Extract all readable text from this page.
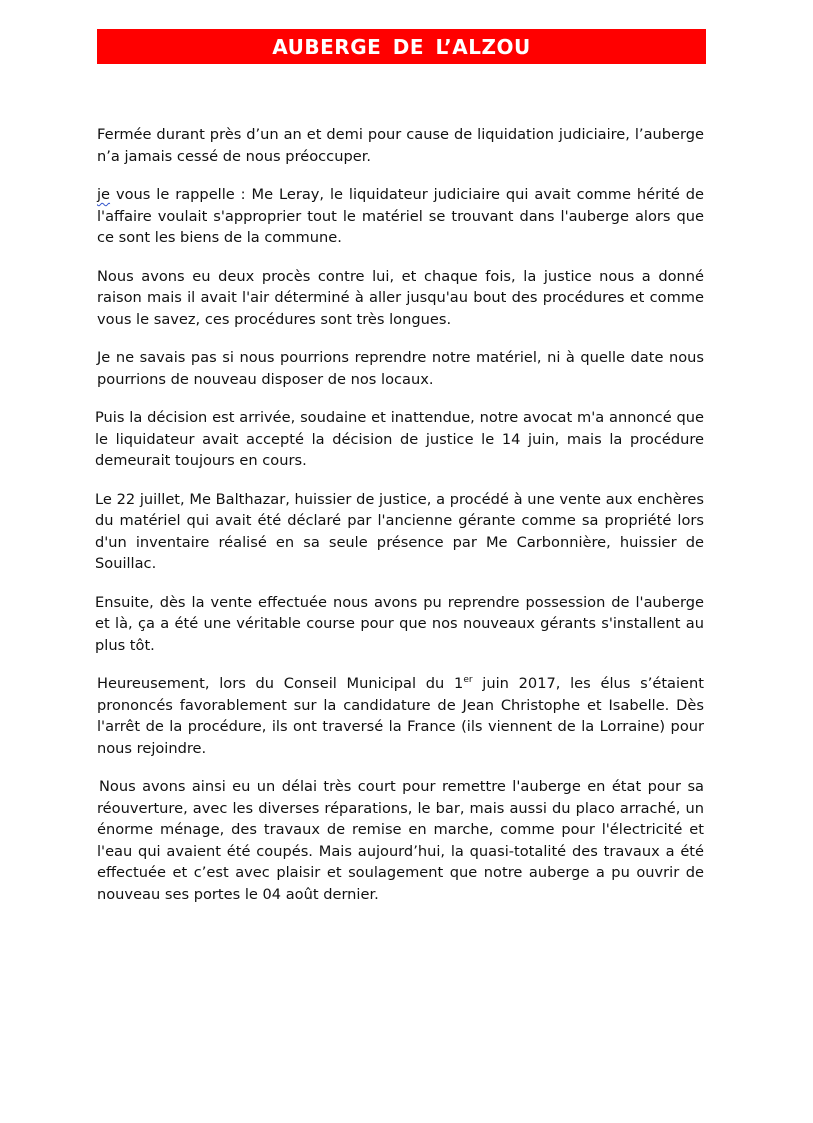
AUBERGE DE L’ALZOU

Fermée durant près d’un an et demi pour cause de liquidation judiciaire, l’auberge n’a jamais cessé de nous préoccuper.

je vous le rappelle : Me Leray, le liquidateur judiciaire qui avait comme hérité de l'affaire voulait s'approprier tout le matériel se trouvant dans l'auberge alors que ce sont les biens de la commune.

Nous avons eu deux procès contre lui, et chaque fois, la justice nous a donné raison mais il avait l'air déterminé à aller jusqu'au bout des procédures et comme vous le savez, ces procédures sont très longues.

Je ne savais pas si nous pourrions reprendre notre matériel, ni à quelle date nous pourrions de nouveau disposer de nos locaux.

Puis la décision est arrivée, soudaine et inattendue, notre avocat m'a annoncé que le liquidateur avait accepté la décision de justice le 14 juin, mais la procédure demeurait toujours en cours.

Le 22 juillet, Me Balthazar, huissier de justice, a procédé à une vente aux enchères du matériel qui avait été déclaré par l'ancienne gérante comme sa propriété lors d'un inventaire réalisé en sa seule présence par Me Carbonnière, huissier de Souillac.

Ensuite, dès la vente effectuée nous avons pu reprendre possession de l'auberge et là, ça a été une véritable course pour que nos nouveaux gérants s'installent au plus tôt.

Heureusement, lors du Conseil Municipal du 1er juin 2017, les élus s’étaient prononcés favorablement sur la candidature de Jean Christophe et Isabelle. Dès l'arrêt de la procédure, ils ont traversé la France (ils viennent de la Lorraine) pour nous rejoindre.

Nous avons ainsi eu un délai très court pour remettre l'auberge en état pour sa réouverture, avec les diverses réparations, le bar, mais aussi du placo arraché, un énorme ménage, des travaux de remise en marche, comme pour l'électricité et l'eau qui avaient été coupés. Mais aujourd’hui, la quasi-totalité des travaux a été effectuée et c’est avec plaisir et soulagement que notre auberge a pu ouvrir de nouveau ses portes le 04 août dernier.
